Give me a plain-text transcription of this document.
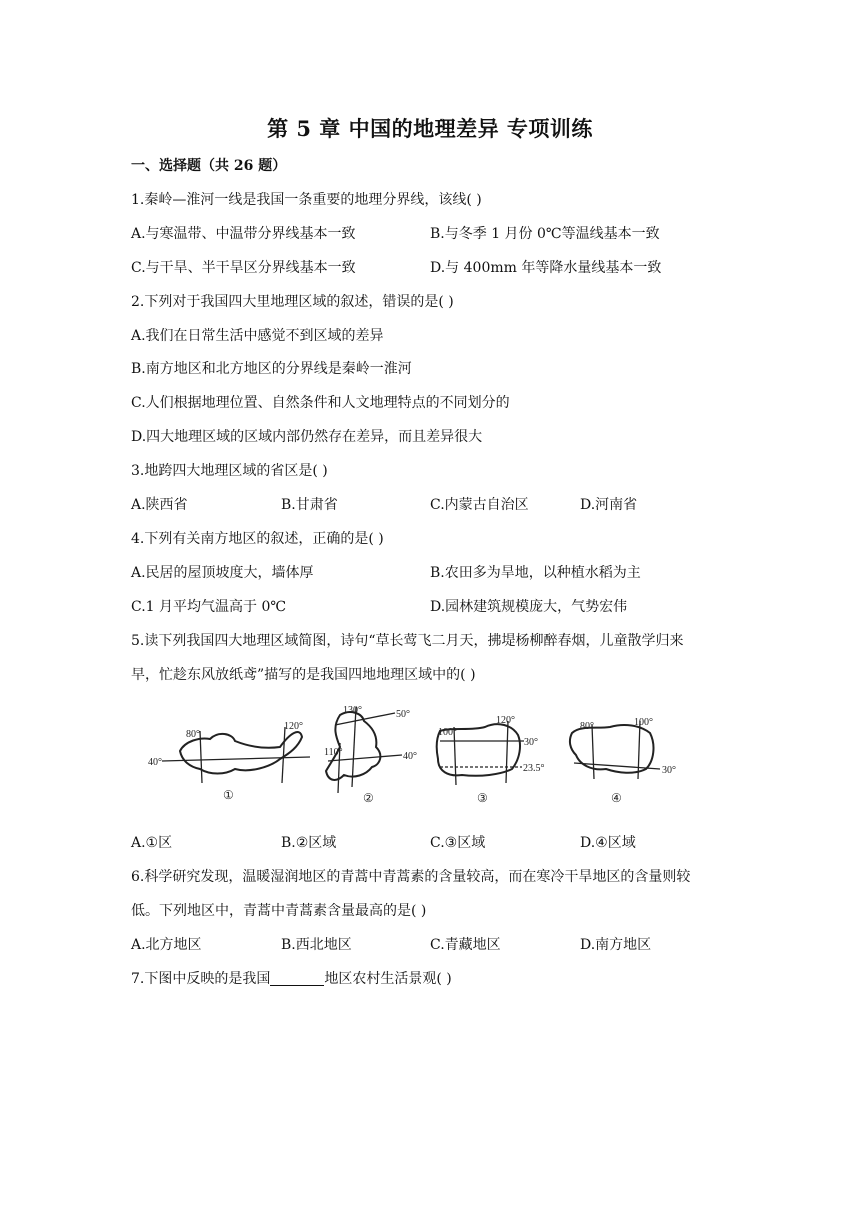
第 5 章 中国的地理差异 专项训练
一、选择题（共 26 题）
1.秦岭—淮河一线是我国一条重要的地理分界线，该线( )
A.与寒温带、中温带分界线基本一致	B.与冬季 1 月份 0℃等温线基本一致
C.与干旱、半干旱区分界线基本一致	D.与 400mm 年等降水量线基本一致
2.下列对于我国四大里地理区域的叙述，错误的是( )
A.我们在日常生活中感觉不到区域的差异
B.南方地区和北方地区的分界线是秦岭一淮河
C.人们根据地理位置、自然条件和人文地理特点的不同划分的
D.四大地理区域的区域内部仍然存在差异，而且差异很大
3.地跨四大地理区域的省区是( )
A.陕西省	B.甘肃省	C.内蒙古自治区	D.河南省
4.下列有关南方地区的叙述，正确的是( )
A.民居的屋顶坡度大，墙体厚	B.农田多为旱地，以种植水稻为主
C.1 月平均气温高于 0℃	D.园林建筑规模庞大，气势宏伟
5.读下列我国四大地理区域简图，诗句“草长莺飞二月天，拂堤杨柳醉春烟，儿童散学归来
早，忙趁东风放纸鸢”描写的是我国四地地理区域中的( )
40°
80°
120°
①
130°	50°
110°	40°
②
100°
120°
30°
23.5°
③
80°	100°
30°
④
A.①区	B.②区域	C.③区域	D.④区域
6.科学研究发现，温暖湿润地区的青蒿中青蒿素的含量较高，而在寒冷干旱地区的含量则较
低。下列地区中，青蒿中青蒿素含量最高的是( )
A.北方地区	B.西北地区	C.青藏地区	D.南方地区
7.下图中反映的是我国	地区农村生活景观( )
